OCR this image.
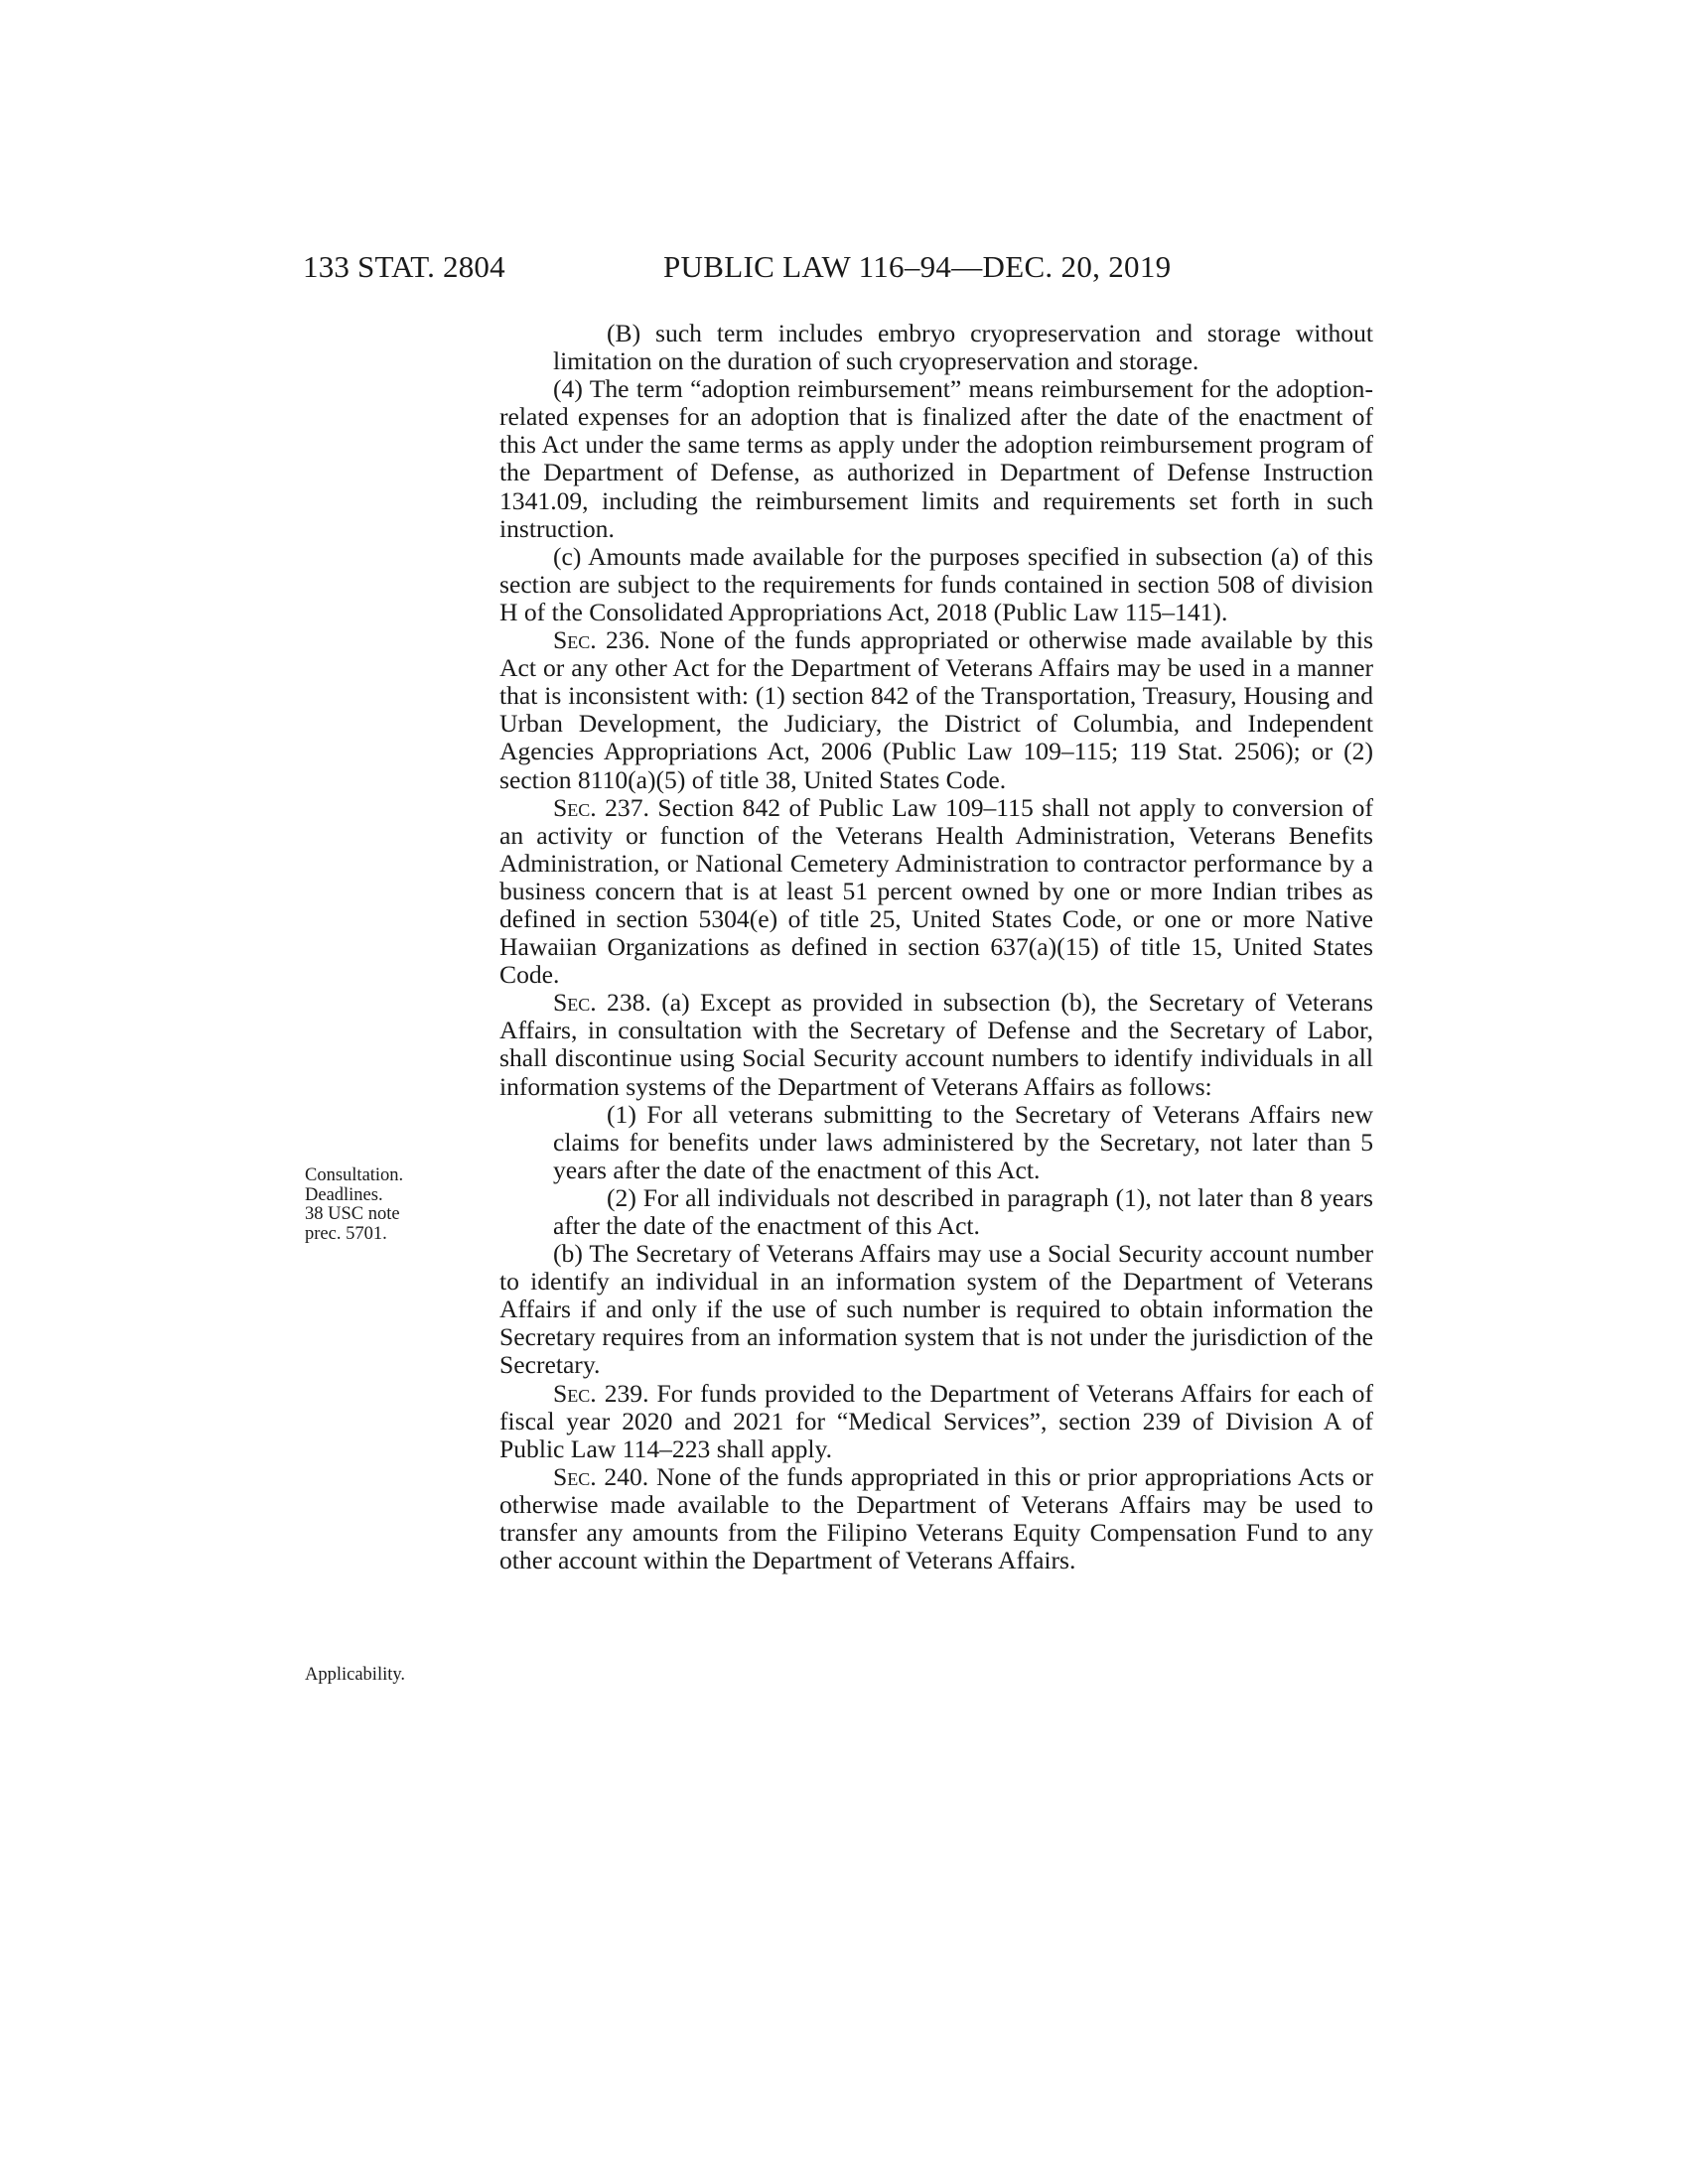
133 STAT. 2804	PUBLIC LAW 116–94—DEC. 20, 2019
Consultation.
Deadlines.
38 USC note
prec. 5701.
Applicability.

(B) such term includes embryo cryopreservation and storage without limitation on the duration of such cryopreservation and storage.

(4) The term “adoption reimbursement” means reimbursement for the adoption-related expenses for an adoption that is finalized after the date of the enactment of this Act under the same terms as apply under the adoption reimbursement program of the Department of Defense, as authorized in Department of Defense Instruction 1341.09, including the reimbursement limits and requirements set forth in such instruction.

(c) Amounts made available for the purposes specified in subsection (a) of this section are subject to the requirements for funds contained in section 508 of division H of the Consolidated Appropriations Act, 2018 (Public Law 115–141).

Sec. 236. None of the funds appropriated or otherwise made available by this Act or any other Act for the Department of Veterans Affairs may be used in a manner that is inconsistent with: (1) section 842 of the Transportation, Treasury, Housing and Urban Development, the Judiciary, the District of Columbia, and Independent Agencies Appropriations Act, 2006 (Public Law 109–115; 119 Stat. 2506); or (2) section 8110(a)(5) of title 38, United States Code.

Sec. 237. Section 842 of Public Law 109–115 shall not apply to conversion of an activity or function of the Veterans Health Administration, Veterans Benefits Administration, or National Cemetery Administration to contractor performance by a business concern that is at least 51 percent owned by one or more Indian tribes as defined in section 5304(e) of title 25, United States Code, or one or more Native Hawaiian Organizations as defined in section 637(a)(15) of title 15, United States Code.

Sec. 238. (a) Except as provided in subsection (b), the Secretary of Veterans Affairs, in consultation with the Secretary of Defense and the Secretary of Labor, shall discontinue using Social Security account numbers to identify individuals in all information systems of the Department of Veterans Affairs as follows:

(1) For all veterans submitting to the Secretary of Veterans Affairs new claims for benefits under laws administered by the Secretary, not later than 5 years after the date of the enactment of this Act.

(2) For all individuals not described in paragraph (1), not later than 8 years after the date of the enactment of this Act.

(b) The Secretary of Veterans Affairs may use a Social Security account number to identify an individual in an information system of the Department of Veterans Affairs if and only if the use of such number is required to obtain information the Secretary requires from an information system that is not under the jurisdiction of the Secretary.

Sec. 239. For funds provided to the Department of Veterans Affairs for each of fiscal year 2020 and 2021 for “Medical Services”, section 239 of Division A of Public Law 114–223 shall apply.

Sec. 240. None of the funds appropriated in this or prior appropriations Acts or otherwise made available to the Department of Veterans Affairs may be used to transfer any amounts from the Filipino Veterans Equity Compensation Fund to any other account within the Department of Veterans Affairs.
